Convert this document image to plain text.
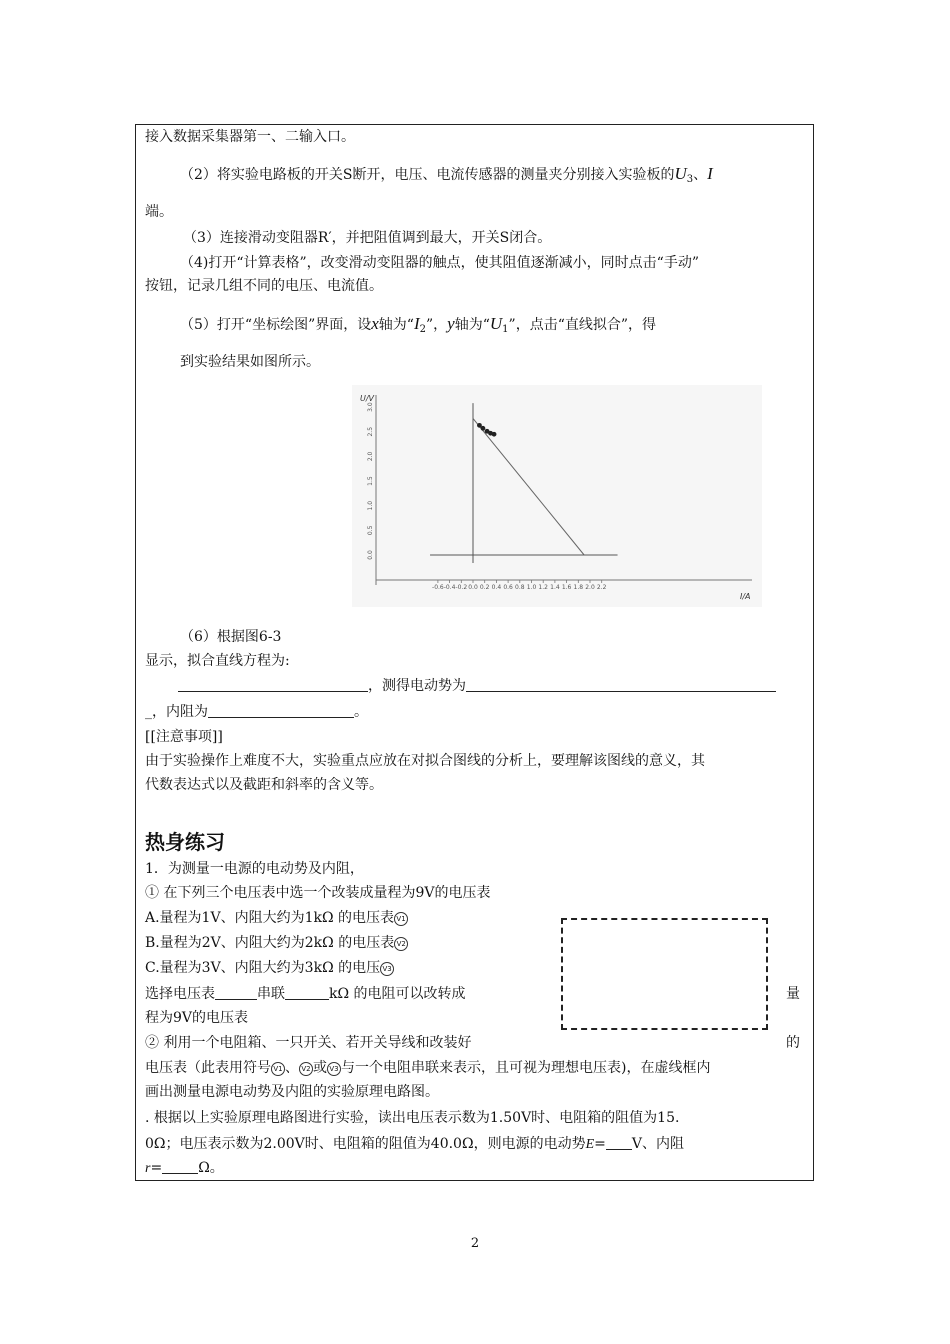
接入数据采集器第一、二输入口。
（2）将实验电路板的开关S断开，电压、电流传感器的测量夹分别接入实验板的$U_3$、I
端。
（3）连接滑动变阻器R′，并把阻值调到最大，开关S闭合。
（4)打开“计算表格”，改变滑动变阻器的触点，使其阻值逐渐减小，同时点击“手动”
按钮，记录几组不同的电压、电流值。
（5）打开“坐标绘图”界面，设x轴为“$I_2$”，y轴为“$U_1$”，点击“直线拟合”，得
到实验结果如图所示。
0.0
0.5
1.0
1.5
2.0
2.5
3.0
-0.6 -0.4 -0.2 0.0 0.2 0.4 0.6 0.8 1.0 1.2 1.4 1.6 1.8 2.0 2.2
U/V
I/A
（6）根据图6-3
显示，拟合直线方程为:
，测得电动势为
_，内阻为	。
[[注意事项]]
由于实验操作上难度不大，实验重点应放在对拟合图线的分析上，要理解该图线的意义，其
代数表达式以及截距和斜率的含义等。
热身练习
1．为测量一电源的电动势及内阻，
① 在下列三个电压表中选一个改装成量程为9V的电压表
A.量程为1V、内阻大约为1kΩ 的电压表 V1
B.量程为2V、内阻大约为2kΩ 的电压表 V2
C.量程为3V、内阻大约为3kΩ 的电压 V3
选择电压表	串联	kΩ 的电阻可以改转成	量
程为9V的电压表
② 利用一个电阻箱、一只开关、若开关导线和改装好	的
电压表（此表用符号 V1 、 V2 或 V3 与一个电阻串联来表示，且可视为理想电压表)，在虚线框内
画出测量电源电动势及内阻的实验原理电路图。
. 根据以上实验原理电路图进行实验，读出电压表示数为1.50V时、电阻箱的阻值为15.
0Ω；电压表示数为2.00V时、电阻箱的阻值为40.0Ω，则电源的电动势E= V、内阻
r=	Ω。
2
